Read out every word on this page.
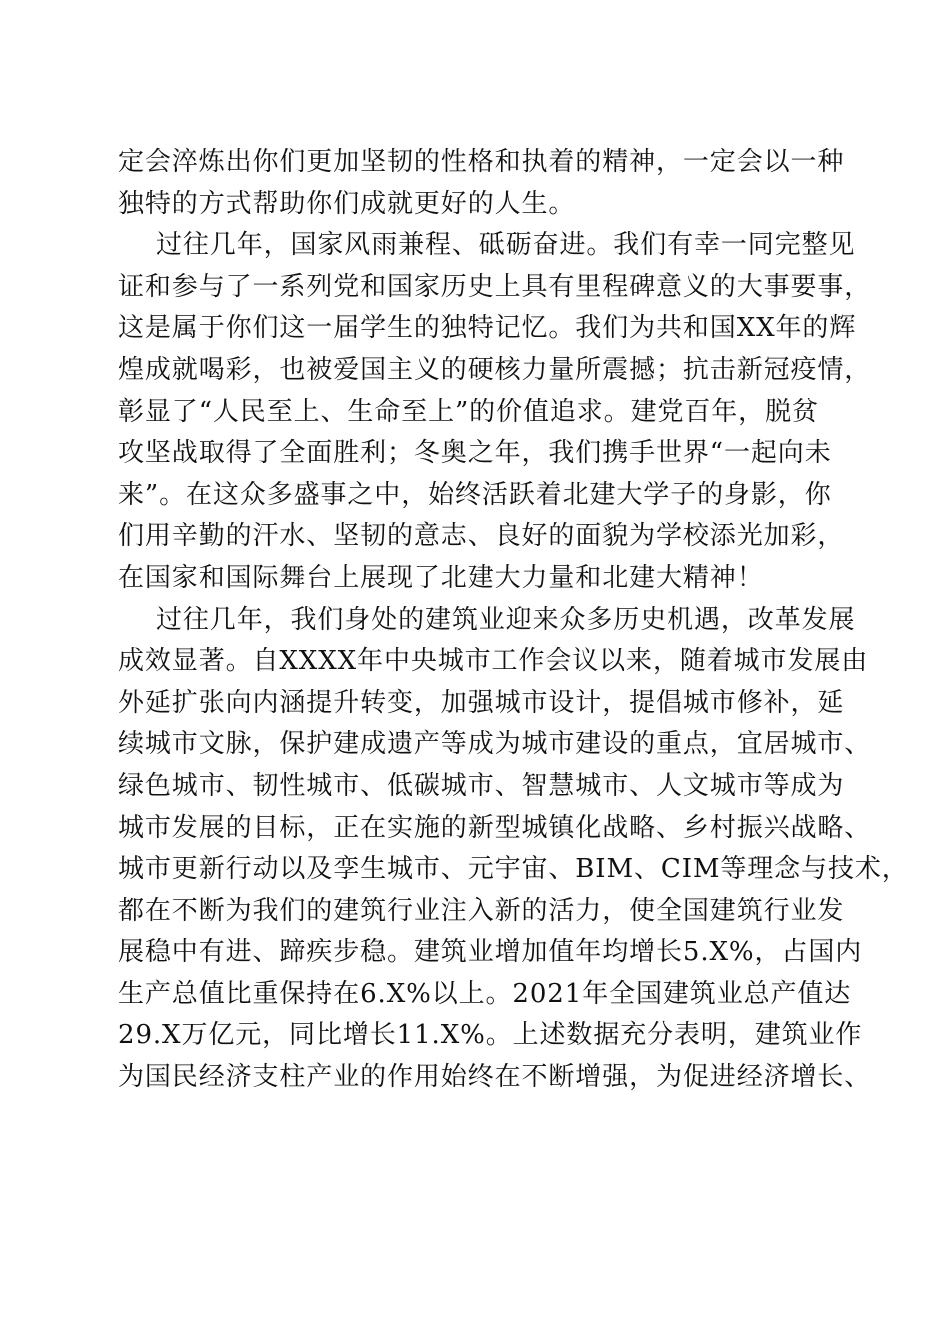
定会淬炼出你们更加坚韧的性格和执着的精神，一定会以一种
独特的方式帮助你们成就更好的人生。
过往几年，国家风雨兼程、砥砺奋进。我们有幸一同完整见
证和参与了一系列党和国家历史上具有里程碑意义的大事要事，
这是属于你们这一届学生的独特记忆。我们为共和国XX年的辉
煌成就喝彩，也被爱国主义的硬核力量所震撼；抗击新冠疫情，
彰显了“人民至上、生命至上”的价值追求。建党百年，脱贫
攻坚战取得了全面胜利；冬奥之年，我们携手世界“一起向未
来”。在这众多盛事之中，始终活跃着北建大学子的身影，你
们用辛勤的汗水、坚韧的意志、良好的面貌为学校添光加彩，
在国家和国际舞台上展现了北建大力量和北建大精神！
过往几年，我们身处的建筑业迎来众多历史机遇，改革发展
成效显著。自XXXX年中央城市工作会议以来，随着城市发展由
外延扩张向内涵提升转变，加强城市设计，提倡城市修补，延
续城市文脉，保护建成遗产等成为城市建设的重点，宜居城市、
绿色城市、韧性城市、低碳城市、智慧城市、人文城市等成为
城市发展的目标，正在实施的新型城镇化战略、乡村振兴战略、
城市更新行动以及孪生城市、元宇宙、BIM、CIM等理念与技术，
都在不断为我们的建筑行业注入新的活力，使全国建筑行业发
展稳中有进、蹄疾步稳。建筑业增加值年均增长5.X%，占国内
生产总值比重保持在6.X%以上。2021年全国建筑业总产值达
29.X万亿元，同比增长11.X%。上述数据充分表明，建筑业作
为国民经济支柱产业的作用始终在不断增强，为促进经济增长、
